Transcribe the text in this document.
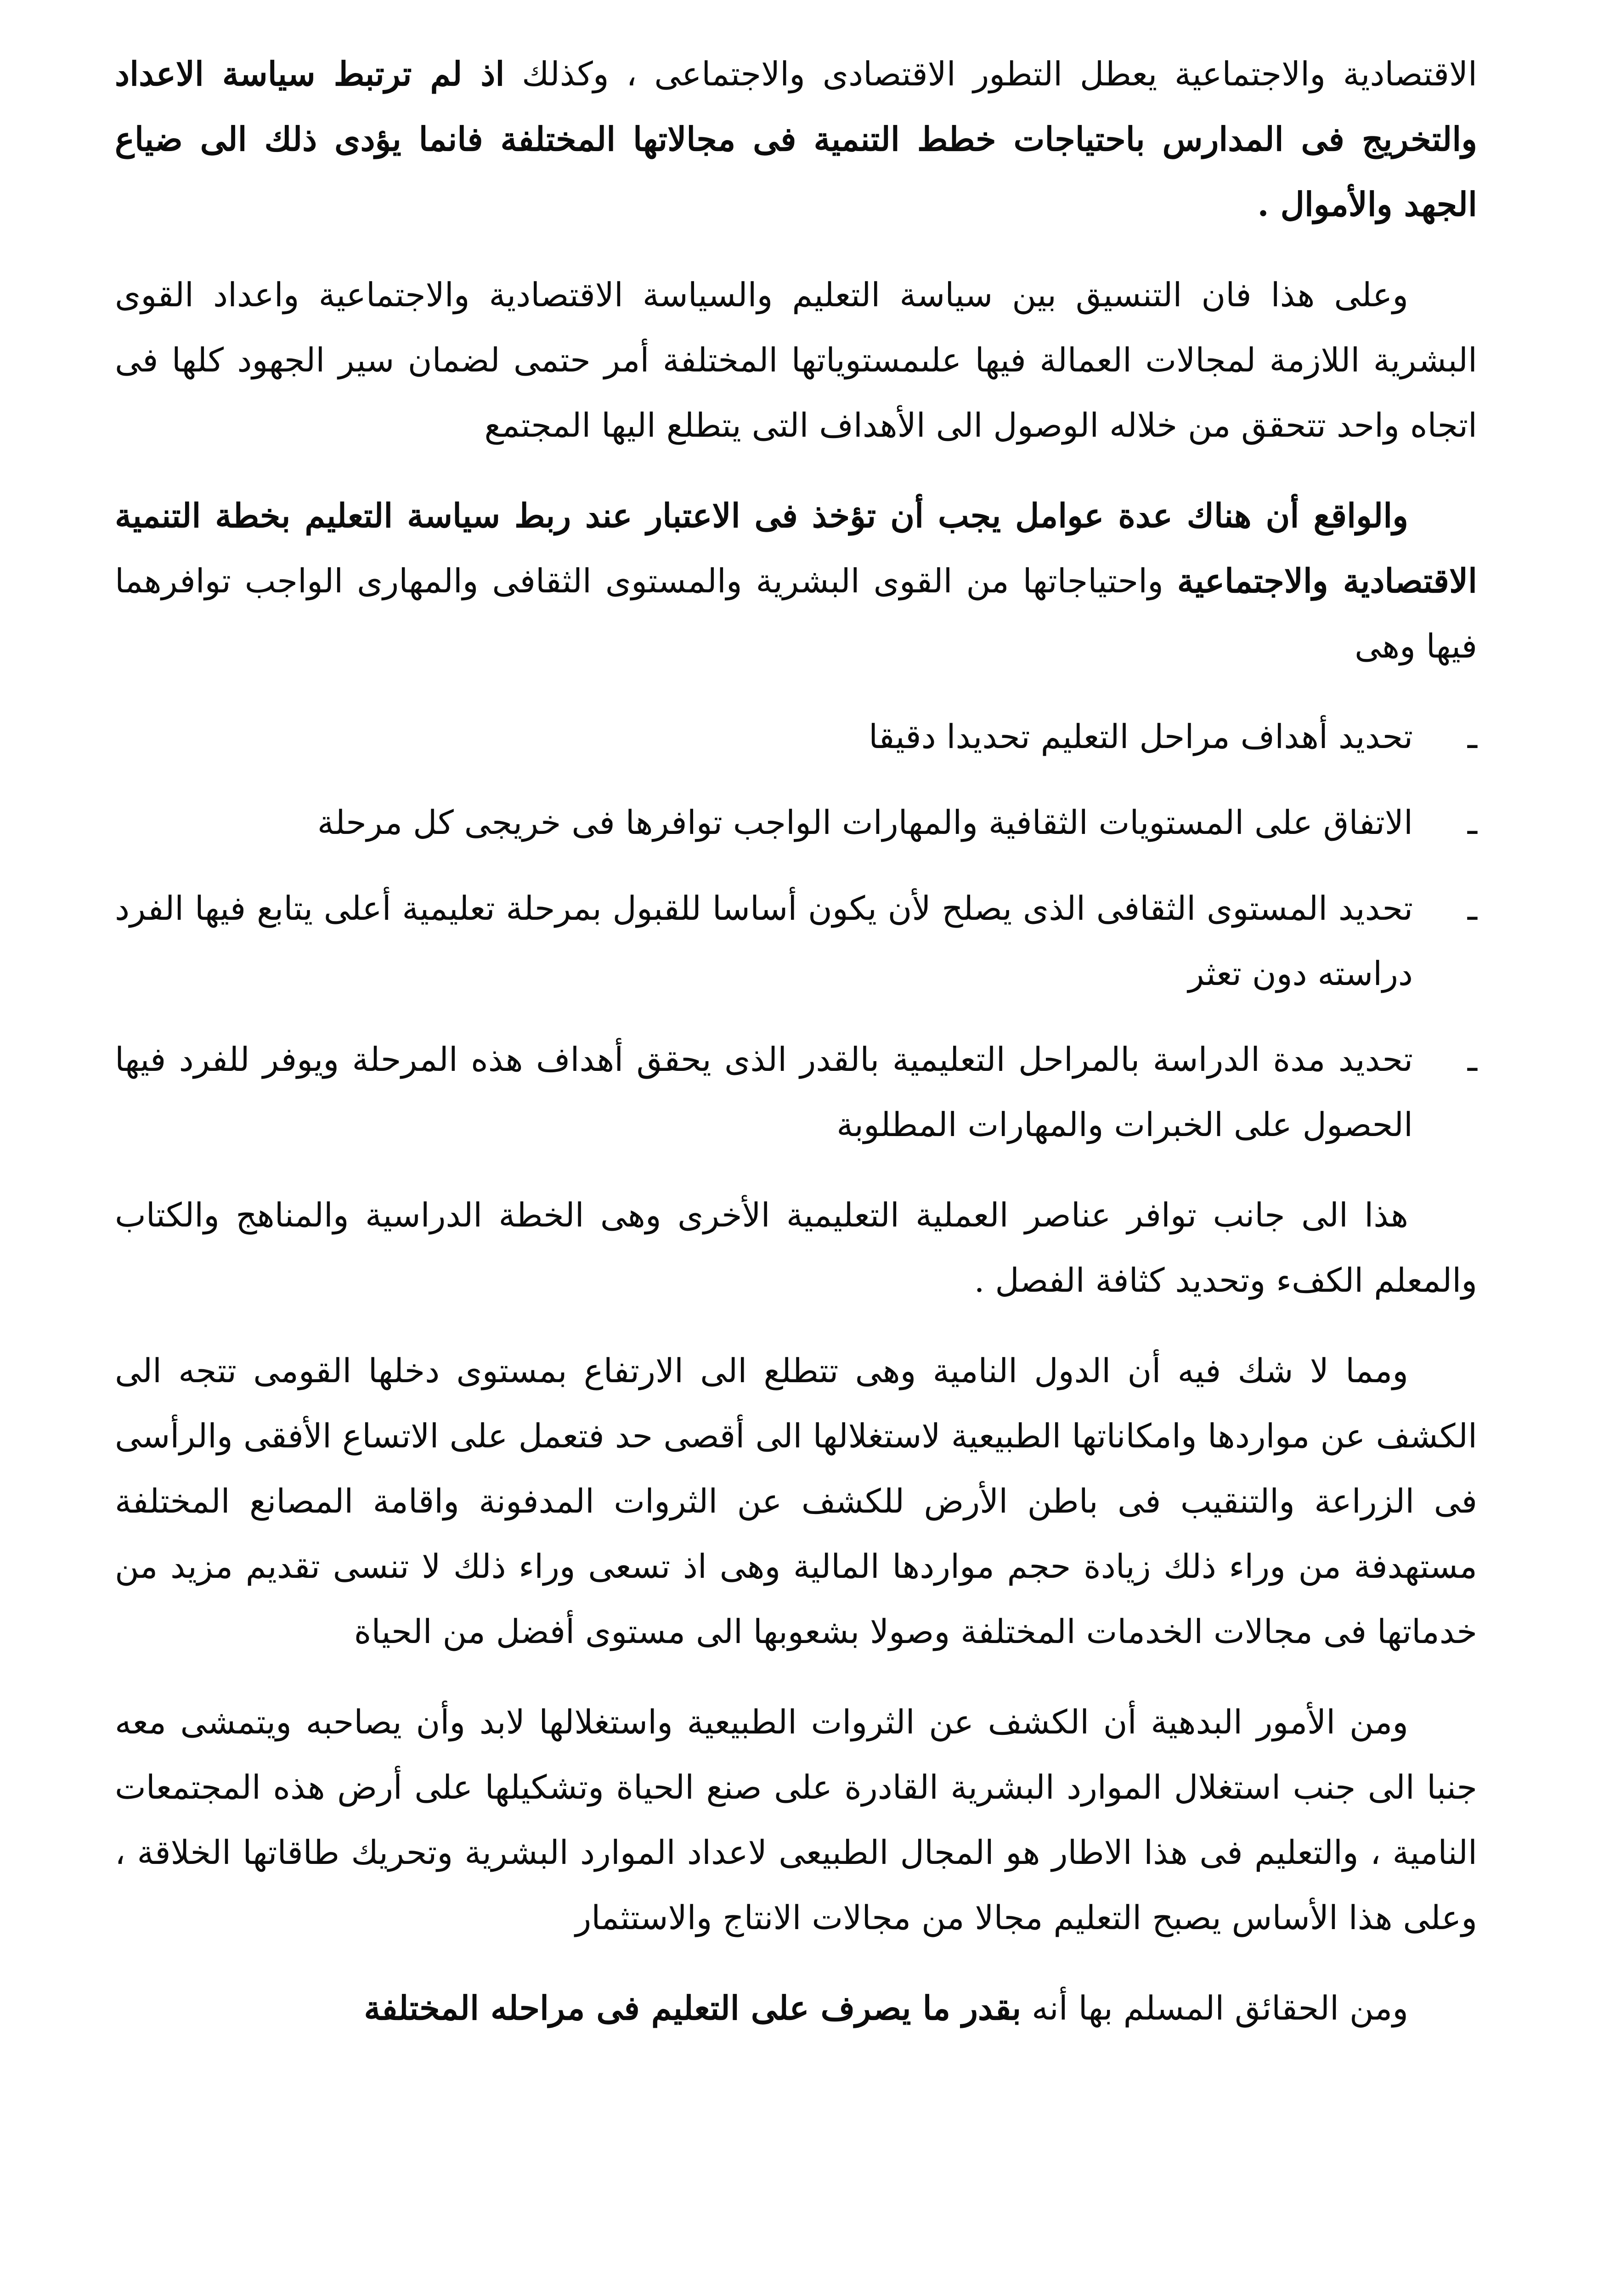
الاقتصادية والاجتماعية يعطل التطور الاقتصادى والاجتماعى ، وكذلك اذ لم ترتبط سياسة الاعداد والتخريج فى المدارس باحتياجات خطط التنمية فى مجالاتها المختلفة فانما يؤدى ذلك الى ضياع الجهد والأموال .

وعلى هذا فان التنسيق بين سياسة التعليم والسياسة الاقتصادية والاجتماعية واعداد القوى البشرية اللازمة لمجالات العمالة فيها علىمستوياتها المختلفة أمر حتمى لضمان سير الجهود كلها فى اتجاه واحد تتحقق من خلاله الوصول الى الأهداف التى يتطلع اليها المجتمع

والواقع أن هناك عدة عوامل يجب أن تؤخذ فى الاعتبار عند ربط سياسة التعليم بخطة التنمية الاقتصادية والاجتماعية واحتياجاتها من القوى البشرية والمستوى الثقافى والمهارى الواجب توافرهما فيها وهى

ـ
تحديد أهداف مراحل التعليم تحديدا دقيقا
ـ
الاتفاق على المستويات الثقافية والمهارات الواجب توافرها فى خريجى كل مرحلة
ـ
تحديد المستوى الثقافى الذى يصلح لأن يكون أساسا للقبول بمرحلة تعليمية أعلى يتابع فيها الفرد دراسته دون تعثر
ـ
تحديد مدة الدراسة بالمراحل التعليمية بالقدر الذى يحقق أهداف هذه المرحلة ويوفر للفرد فيها الحصول على الخبرات والمهارات المطلوبة

هذا الى جانب توافر عناصر العملية التعليمية الأخرى وهى الخطة الدراسية والمناهج والكتاب والمعلم الكفء وتحديد كثافة الفصل .

ومما لا شك فيه أن الدول النامية وهى تتطلع الى الارتفاع بمستوى دخلها القومى تتجه الى الكشف عن مواردها وامكاناتها الطبيعية لاستغلالها الى أقصى حد فتعمل على الاتساع الأفقى والرأسى فى الزراعة والتنقيب فى باطن الأرض للكشف عن الثروات المدفونة واقامة المصانع المختلفة مستهدفة من وراء ذلك زيادة حجم مواردها المالية وهى اذ تسعى وراء ذلك لا تنسى تقديم مزيد من خدماتها فى مجالات الخدمات المختلفة وصولا بشعوبها الى مستوى أفضل من الحياة

ومن الأمور البدهية أن الكشف عن الثروات الطبيعية واستغلالها لابد وأن يصاحبه ويتمشى معه جنبا الى جنب استغلال الموارد البشرية القادرة على صنع الحياة وتشكيلها على أرض هذه المجتمعات النامية ، والتعليم فى هذا الاطار هو المجال الطبيعى لاعداد الموارد البشرية وتحريك طاقاتها الخلاقة ، وعلى هذا الأساس يصبح التعليم مجالا من مجالات الانتاج والاستثمار

ومن الحقائق المسلم بها أنه بقدر ما يصرف على التعليم فى مراحله المختلفة
